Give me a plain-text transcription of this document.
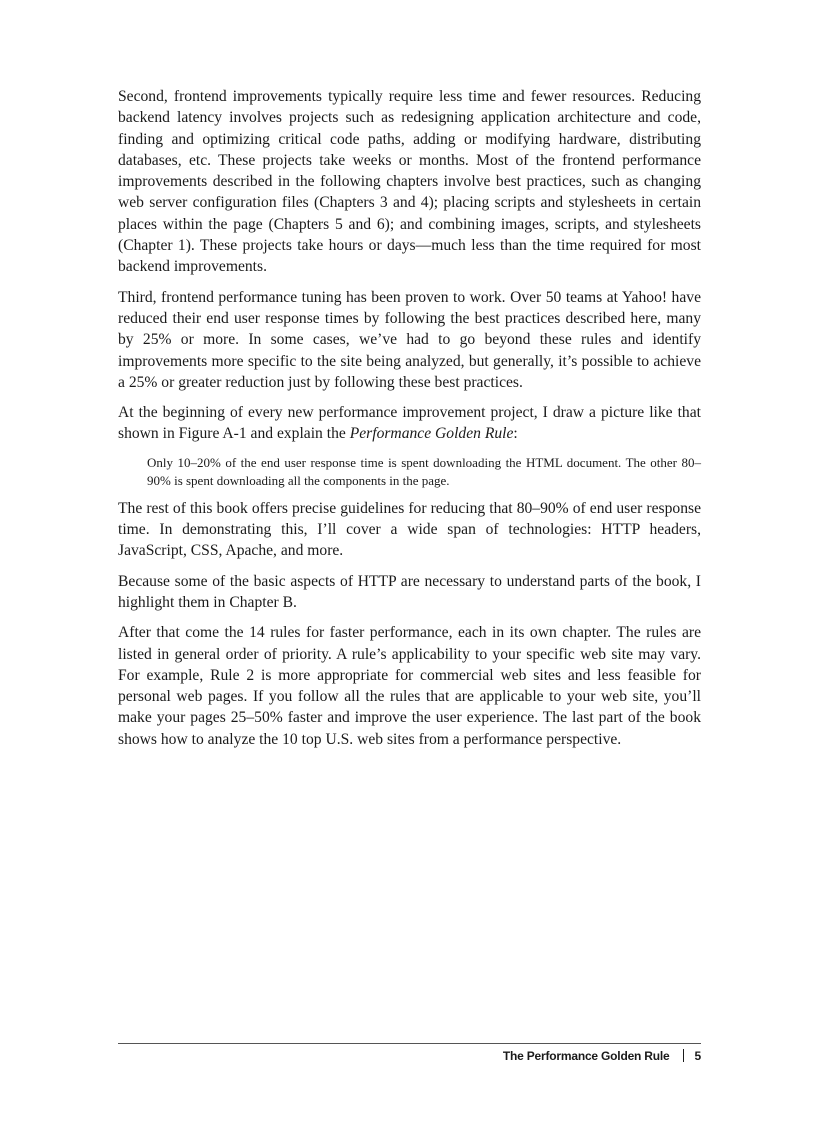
Second, frontend improvements typically require less time and fewer resources. Reducing backend latency involves projects such as redesigning application architecture and code, finding and optimizing critical code paths, adding or modifying hardware, distributing databases, etc. These projects take weeks or months. Most of the frontend performance improvements described in the following chapters involve best practices, such as changing web server configuration files (Chapters 3 and 4); placing scripts and stylesheets in certain places within the page (Chapters 5 and 6); and combining images, scripts, and stylesheets (Chapter 1). These projects take hours or days—much less than the time required for most backend improvements.

Third, frontend performance tuning has been proven to work. Over 50 teams at Yahoo! have reduced their end user response times by following the best practices described here, many by 25% or more. In some cases, we’ve had to go beyond these rules and identify improvements more specific to the site being analyzed, but generally, it’s possible to achieve a 25% or greater reduction just by following these best practices.

At the beginning of every new performance improvement project, I draw a picture like that shown in Figure A-1 and explain the Performance Golden Rule:

Only 10–20% of the end user response time is spent downloading the HTML document. The other 80–90% is spent downloading all the components in the page.

The rest of this book offers precise guidelines for reducing that 80–90% of end user response time. In demonstrating this, I’ll cover a wide span of technologies: HTTP headers, JavaScript, CSS, Apache, and more.

Because some of the basic aspects of HTTP are necessary to understand parts of the book, I highlight them in Chapter B.

After that come the 14 rules for faster performance, each in its own chapter. The rules are listed in general order of priority. A rule’s applicability to your specific web site may vary. For example, Rule 2 is more appropriate for commercial web sites and less feasible for personal web pages. If you follow all the rules that are applicable to your web site, you’ll make your pages 25–50% faster and improve the user experience. The last part of the book shows how to analyze the 10 top U.S. web sites from a performance perspective.

The Performance Golden Rule 5
